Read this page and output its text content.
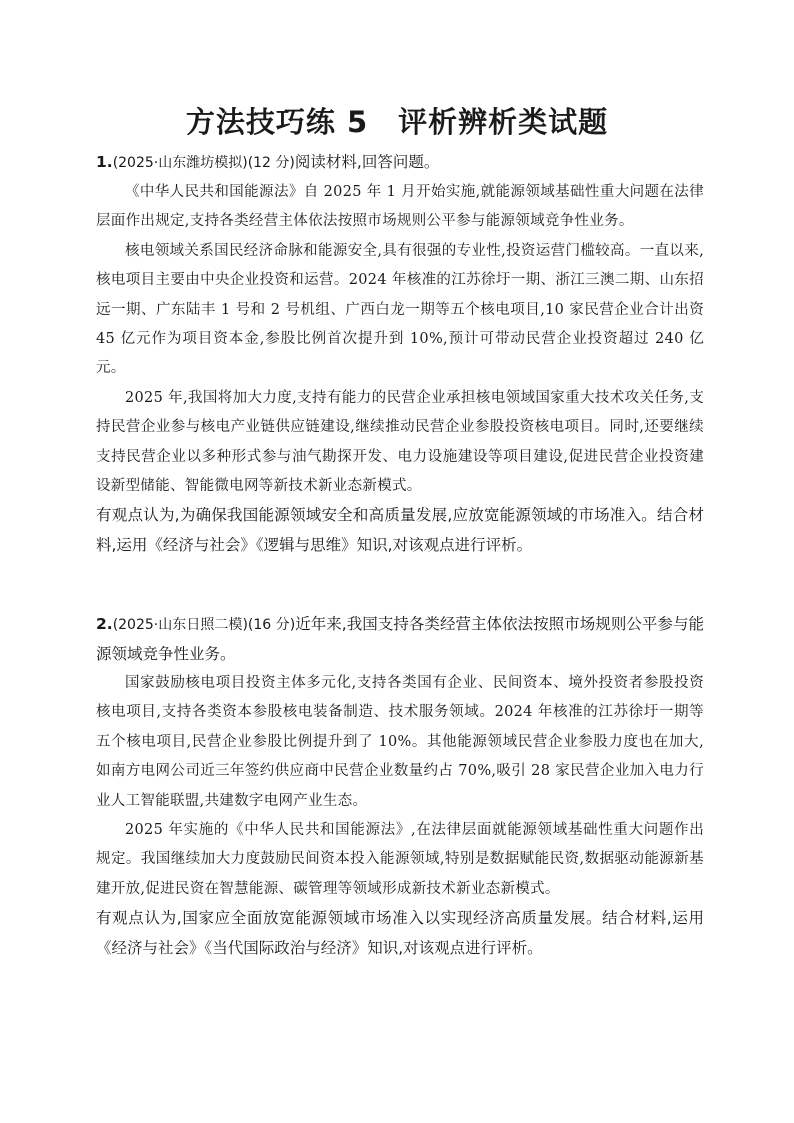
方法技巧练 5　评析辨析类试题

1.(2025·山东潍坊模拟)(12 分)阅读材料,回答问题。

《中华人民共和国能源法》自 2025 年 1 月开始实施,就能源领域基础性重大问题在法律层面作出规定,支持各类经营主体依法按照市场规则公平参与能源领域竞争性业务。

核电领域关系国民经济命脉和能源安全,具有很强的专业性,投资运营门槛较高。一直以来,核电项目主要由中央企业投资和运营。2024 年核准的江苏徐圩一期、浙江三澳二期、山东招远一期、广东陆丰 1 号和 2 号机组、广西白龙一期等五个核电项目,10 家民营企业合计出资 45 亿元作为项目资本金,参股比例首次提升到 10%,预计可带动民营企业投资超过 240 亿元。

2025 年,我国将加大力度,支持有能力的民营企业承担核电领域国家重大技术攻关任务,支持民营企业参与核电产业链供应链建设,继续推动民营企业参股投资核电项目。同时,还要继续支持民营企业以多种形式参与油气勘探开发、电力设施建设等项目建设,促进民营企业投资建设新型储能、智能微电网等新技术新业态新模式。

有观点认为,为确保我国能源领域安全和高质量发展,应放宽能源领域的市场准入。结合材料,运用《经济与社会》《逻辑与思维》知识,对该观点进行评析。

2.(2025·山东日照二模)(16 分)近年来,我国支持各类经营主体依法按照市场规则公平参与能源领域竞争性业务。

国家鼓励核电项目投资主体多元化,支持各类国有企业、民间资本、境外投资者参股投资核电项目,支持各类资本参股核电装备制造、技术服务领域。2024 年核准的江苏徐圩一期等五个核电项目,民营企业参股比例提升到了 10%。其他能源领域民营企业参股力度也在加大,如南方电网公司近三年签约供应商中民营企业数量约占 70%,吸引 28 家民营企业加入电力行业人工智能联盟,共建数字电网产业生态。

2025 年实施的《中华人民共和国能源法》,在法律层面就能源领域基础性重大问题作出规定。我国继续加大力度鼓励民间资本投入能源领域,特别是数据赋能民资,数据驱动能源新基建开放,促进民资在智慧能源、碳管理等领域形成新技术新业态新模式。

有观点认为,国家应全面放宽能源领域市场准入以实现经济高质量发展。结合材料,运用《经济与社会》《当代国际政治与经济》知识,对该观点进行评析。
